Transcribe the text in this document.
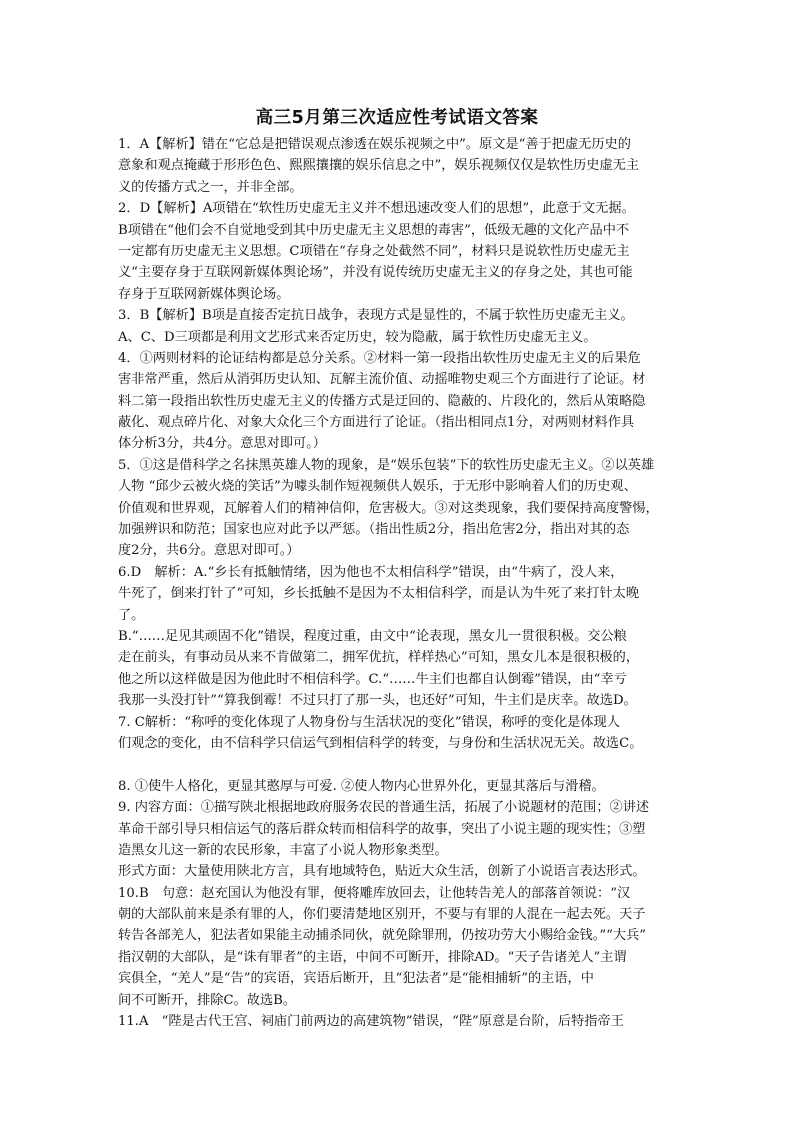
高三5月第三次适应性考试语文答案
1．A【解析】错在“它总是把错误观点渗透在娱乐视频之中”。原文是“善于把虚无历史的
意象和观点掩藏于形形色色、熙熙攘攘的娱乐信息之中”，娱乐视频仅仅是软性历史虚无主
义的传播方式之一，并非全部。
2．D【解析】A项错在“软性历史虚无主义并不想迅速改变人们的思想”，此意于文无据。
B项错在“他们会不自觉地受到其中历史虚无主义思想的毒害”，低级无趣的文化产品中不
一定都有历史虚无主义思想。C项错在“存身之处截然不同”，材料只是说软性历史虚无主
义“主要存身于互联网新媒体舆论场”，并没有说传统历史虚无主义的存身之处，其也可能
存身于互联网新媒体舆论场。
3．B【解析】B项是直接否定抗日战争，表现方式是显性的，不属于软性历史虚无主义。
A、C、D三项都是利用文艺形式来否定历史，较为隐蔽，属于软性历史虚无主义。
4．①两则材料的论证结构都是总分关系。②材料一第一段指出软性历史虚无主义的后果危
害非常严重，然后从消弭历史认知、瓦解主流价值、动摇唯物史观三个方面进行了论证。材
料二第一段指出软性历史虚无主义的传播方式是迂回的、隐蔽的、片段化的，然后从策略隐
蔽化、观点碎片化、对象大众化三个方面进行了论证。（指出相同点1分，对两则材料作具
体分析3分，共4分。意思对即可。）
5．①这是借科学之名抹黑英雄人物的现象，是“娱乐包装”下的软性历史虚无主义。②以英雄
人物 “邱少云被火烧的笑话”为噱头制作短视频供人娱乐，于无形中影响着人们的历史观、
价值观和世界观，瓦解着人们的精神信仰，危害极大。③对这类现象，我们要保持高度警惕，
加强辨识和防范；国家也应对此予以严惩。（指出性质2分，指出危害2分，指出对其的态
度2分，共6分。意思对即可。）
6.D　解析：A.“乡长有抵触情绪，因为他也不太相信科学”错误，由“牛病了，没人来，
牛死了，倒来打针了”可知，乡长抵触不是因为不太相信科学，而是认为牛死了来打针太晚
了。
B.“……足见其顽固不化”错误，程度过重，由文中“论表现，黑女儿一贯很积极。交公粮
走在前头，有事动员从来不肯做第二，拥军优抗，样样热心”可知，黑女儿本是很积极的，
他之所以这样做是因为他此时不相信科学。C.“……牛主们也都自认倒霉”错误，由“幸亏
我那一头没打针”“算我倒霉！不过只打了那一头，也还好”可知，牛主们是庆幸。故选D。
7. C解析：“称呼的变化体现了人物身份与生活状况的变化”错误，称呼的变化是体现人
们观念的变化，由不信科学只信运气到相信科学的转变，与身份和生活状况无关。故选C。
8. ①使牛人格化，更显其憨厚与可爱. ②使人物内心世界外化，更显其落后与滑稽。
9. 内容方面：①描写陕北根据地政府服务农民的普通生活，拓展了小说题材的范围；②讲述
革命干部引导只相信运气的落后群众转而相信科学的故事，突出了小说主题的现实性；③塑
造黑女儿这一新的农民形象，丰富了小说人物形象类型。
形式方面：大量使用陕北方言，具有地域特色，贴近大众生活，创新了小说语言表达形式。
10.B　句意：赵充国认为他没有罪，便将雕库放回去，让他转告羌人的部落首领说：“汉
朝的大部队前来是杀有罪的人，你们要清楚地区别开，不要与有罪的人混在一起去死。天子
转告各部羌人，犯法者如果能主动捕杀同伙，就免除罪刑，仍按功劳大小赐给金钱。”“大兵”
指汉朝的大部队，是“诛有罪者”的主语，中间不可断开，排除AD。“天子告诸羌人”主谓
宾俱全，“羌人”是“告”的宾语，宾语后断开，且“犯法者”是“能相捕斩”的主语，中
间不可断开，排除C。故选B。
11.A　“陛是古代王宫、祠庙门前两边的高建筑物”错误，“陛”原意是台阶，后特指帝王
